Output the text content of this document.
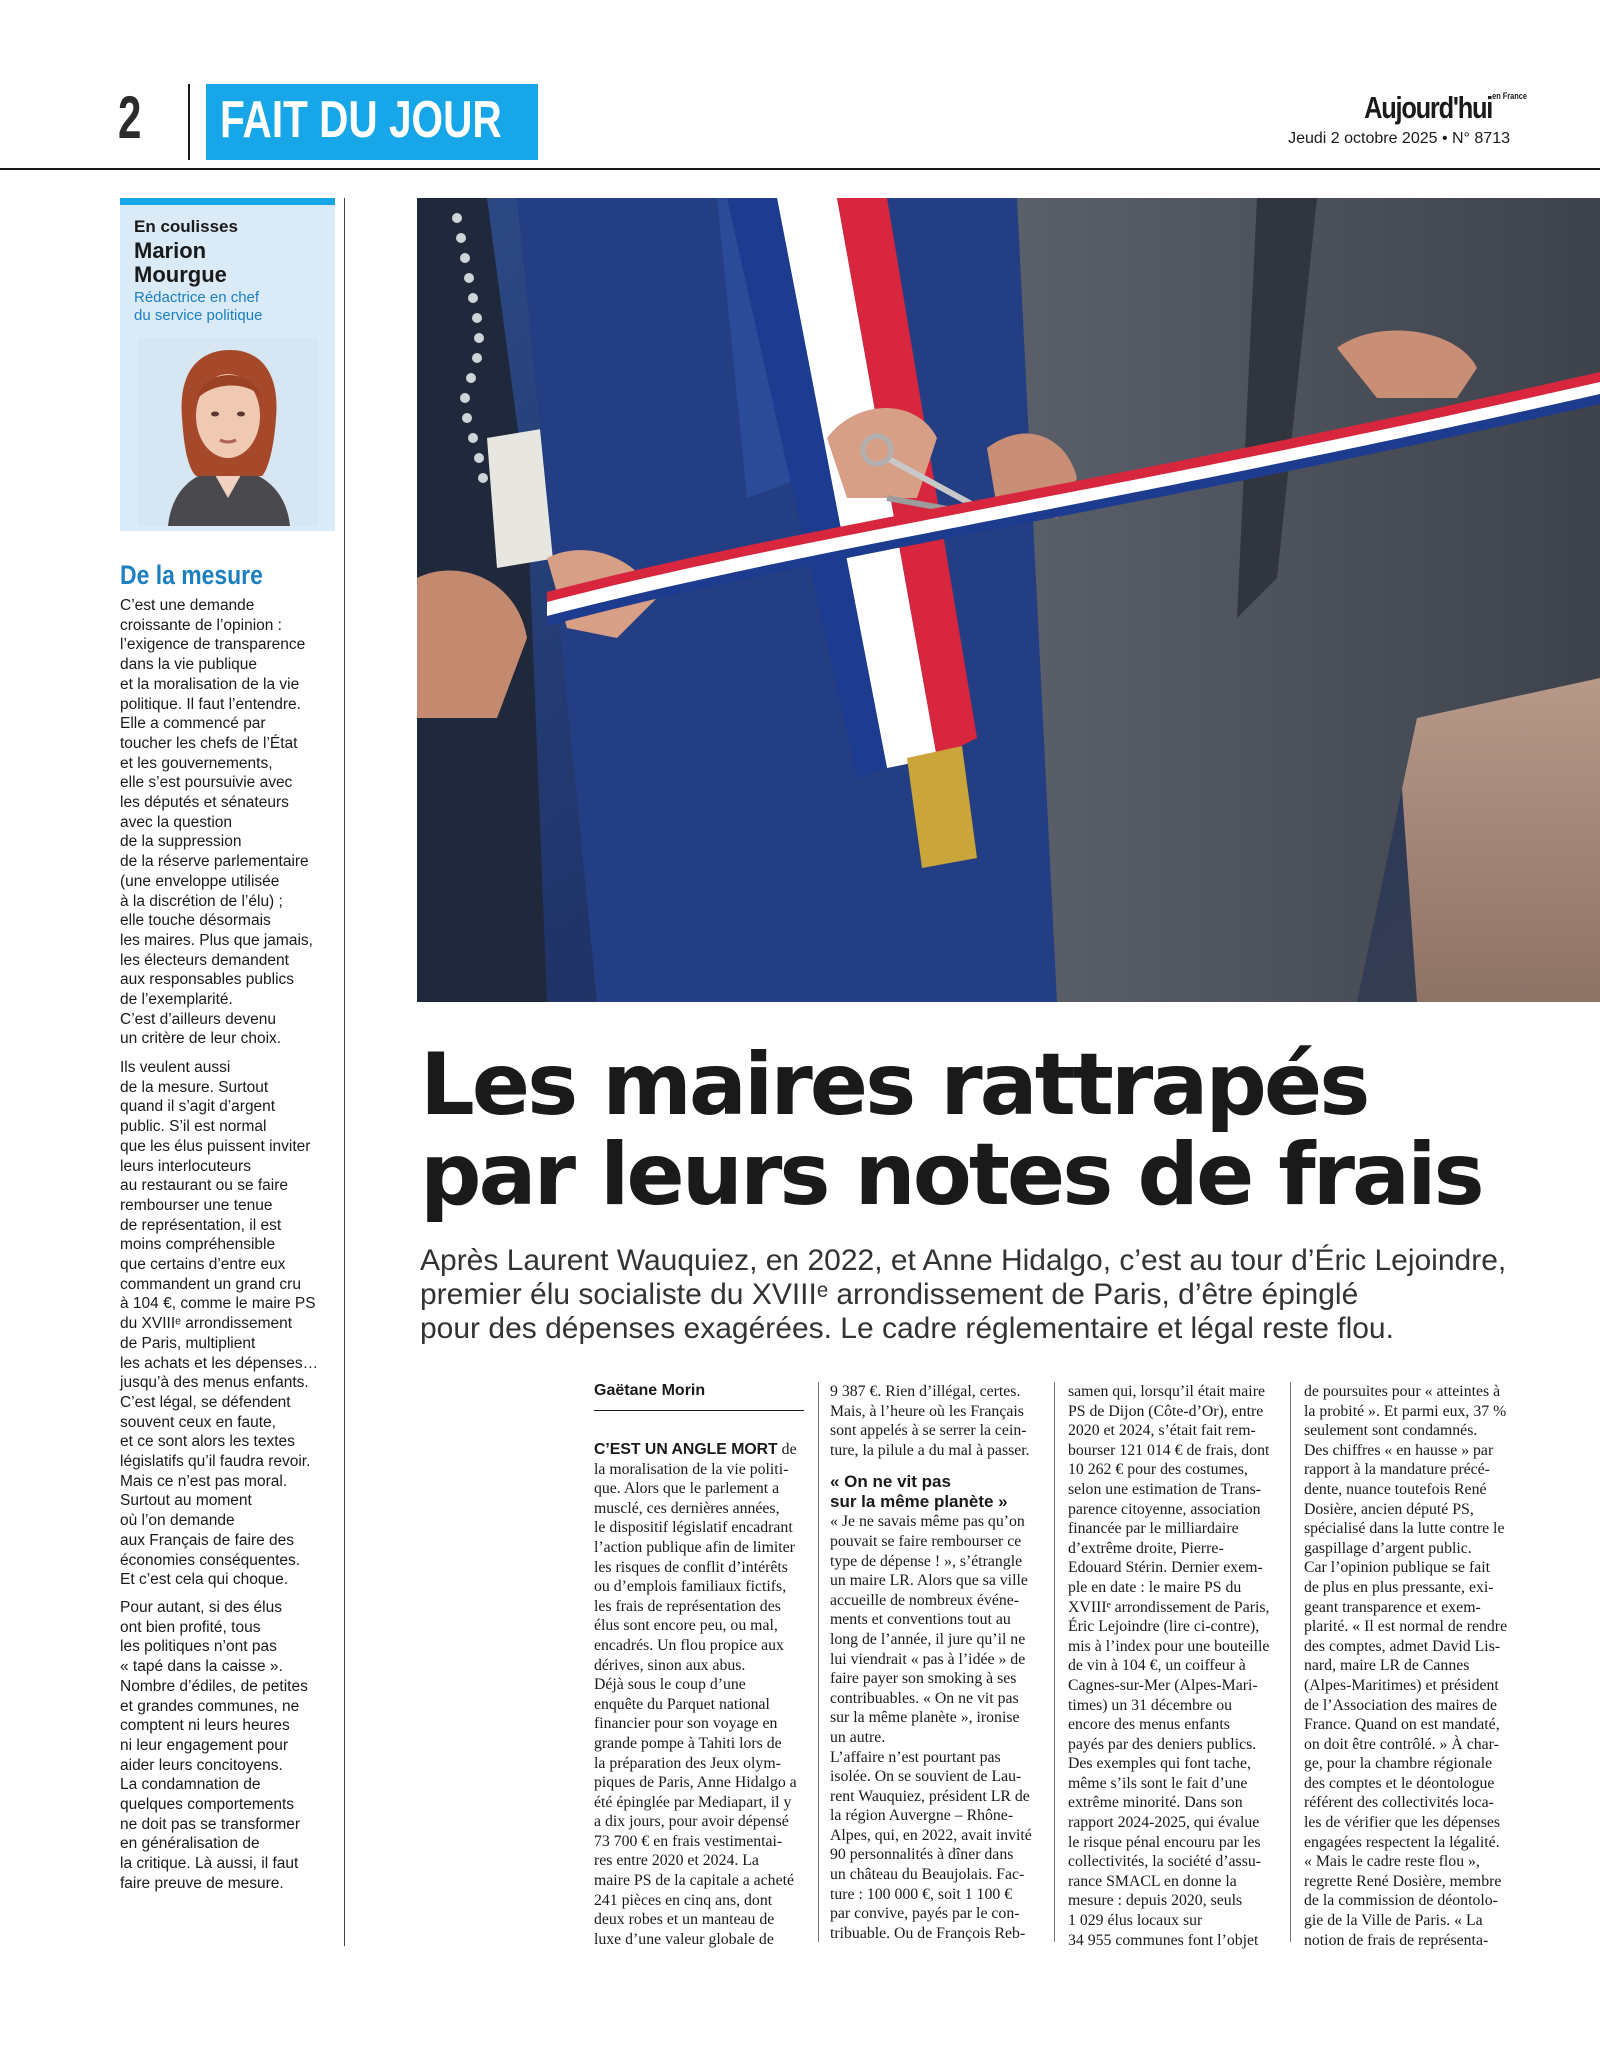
2 FAIT DU JOUR	Aujourd'huien France
Jeudi 2 octobre 2025 • N° 8713
En coulisses
Marion
Mourgue
Rédactrice en chef
du service politique
De la mesure
C’est une demande
croissante de l’opinion :
l’exigence de transparence
dans la vie publique
et la moralisation de la vie
politique. Il faut l’entendre.
Elle a commencé par
toucher les chefs de l’État
et les gouvernements,
elle s’est poursuivie avec
les députés et sénateurs
avec la question
de la suppression
de la réserve parlementaire
(une enveloppe utilisée
à la discrétion de l’élu) ;
elle touche désormais
les maires. Plus que jamais,
les électeurs demandent
aux responsables publics
de l’exemplarité.
C’est d’ailleurs devenu
un critère de leur choix.
Ils veulent aussi
de la mesure. Surtout
quand il s’agit d’argent
public. S’il est normal
que les élus puissent inviter
leurs interlocuteurs
au restaurant ou se faire
rembourser une tenue
de représentation, il est
moins compréhensible
que certains d’entre eux
commandent un grand cru
à 104 €, comme le maire PS
du XVIIIᵉ arrondissement
de Paris, multiplient
les achats et les dépenses…
jusqu’à des menus enfants.
C’est légal, se défendent
souvent ceux en faute,
et ce sont alors les textes
législatifs qu’il faudra revoir.
Mais ce n’est pas moral.
Surtout au moment
où l’on demande
aux Français de faire des
économies conséquentes.
Et c’est cela qui choque.
Pour autant, si des élus
ont bien profité, tous
les politiques n’ont pas
« tapé dans la caisse ».
Nombre d’édiles, de petites
et grandes communes, ne
comptent ni leurs heures
ni leur engagement pour
aider leurs concitoyens.
La condamnation de
quelques comportements
ne doit pas se transformer
en généralisation de
la critique. Là aussi, il faut
faire preuve de mesure.
Les maires rattrapés
par leurs notes de frais
Après Laurent Wauquiez, en 2022, et Anne Hidalgo, c’est au tour d’Éric Lejoindre,
premier élu socialiste du XVIIIᵉ arrondissement de Paris, d’être épinglé
pour des dépenses exagérées. Le cadre réglementaire et légal reste flou.
Gaëtane Morin
C’EST UN ANGLE MORT de
la moralisation de la vie politi-
que. Alors que le parlement a
musclé, ces dernières années,
le dispositif législatif encadrant
l’action publique afin de limiter
les risques de conflit d’intérêts
ou d’emplois familiaux fictifs,
les frais de représentation des
élus sont encore peu, ou mal,
encadrés. Un flou propice aux
dérives, sinon aux abus.
Déjà sous le coup d’une
enquête du Parquet national
financier pour son voyage en
grande pompe à Tahiti lors de
la préparation des Jeux olym-
piques de Paris, Anne Hidalgo a
été épinglée par Mediapart, il y
a dix jours, pour avoir dépensé
73 700 € en frais vestimentai-
res entre 2020 et 2024. La
maire PS de la capitale a acheté
241 pièces en cinq ans, dont
deux robes et un manteau de
luxe d’une valeur globale de
9 387 €. Rien d’illégal, certes.
Mais, à l’heure où les Français
sont appelés à se serrer la cein-
ture, la pilule a du mal à passer.
« On ne vit pas
sur la même planète »
« Je ne savais même pas qu’on
pouvait se faire rembourser ce
type de dépense ! », s’étrangle
un maire LR. Alors que sa ville
accueille de nombreux événe-
ments et conventions tout au
long de l’année, il jure qu’il ne
lui viendrait « pas à l’idée » de
faire payer son smoking à ses
contribuables. « On ne vit pas
sur la même planète », ironise
un autre.
L’affaire n’est pourtant pas
isolée. On se souvient de Lau-
rent Wauquiez, président LR de
la région Auvergne – Rhône-
Alpes, qui, en 2022, avait invité
90 personnalités à dîner dans
un château du Beaujolais. Fac-
ture : 100 000 €, soit 1 100 €
par convive, payés par le con-
tribuable. Ou de François Reb-
samen qui, lorsqu’il était maire
PS de Dijon (Côte-d’Or), entre
2020 et 2024, s’était fait rem-
bourser 121 014 € de frais, dont
10 262 € pour des costumes,
selon une estimation de Trans-
parence citoyenne, association
financée par le milliardaire
d’extrême droite, Pierre-
Edouard Stérin. Dernier exem-
ple en date : le maire PS du
XVIIIᵉ arrondissement de Paris,
Éric Lejoindre (lire ci-contre),
mis à l’index pour une bouteille
de vin à 104 €, un coiffeur à
Cagnes-sur-Mer (Alpes-Mari-
times) un 31 décembre ou
encore des menus enfants
payés par des deniers publics.
Des exemples qui font tache,
même s’ils sont le fait d’une
extrême minorité. Dans son
rapport 2024-2025, qui évalue
le risque pénal encouru par les
collectivités, la société d’assu-
rance SMACL en donne la
mesure : depuis 2020, seuls
1 029 élus locaux sur
34 955 communes font l’objet
de poursuites pour « atteintes à
la probité ». Et parmi eux, 37 %
seulement sont condamnés.
Des chiffres « en hausse » par
rapport à la mandature précé-
dente, nuance toutefois René
Dosière, ancien député PS,
spécialisé dans la lutte contre le
gaspillage d’argent public.
Car l’opinion publique se fait
de plus en plus pressante, exi-
geant transparence et exem-
plarité. « Il est normal de rendre
des comptes, admet David Lis-
nard, maire LR de Cannes
(Alpes-Maritimes) et président
de l’Association des maires de
France. Quand on est mandaté,
on doit être contrôlé. » À char-
ge, pour la chambre régionale
des comptes et le déontologue
référent des collectivités loca-
les de vérifier que les dépenses
engagées respectent la légalité.
« Mais le cadre reste flou »,
regrette René Dosière, membre
de la commission de déontolo-
gie de la Ville de Paris. « La
notion de frais de représenta-
